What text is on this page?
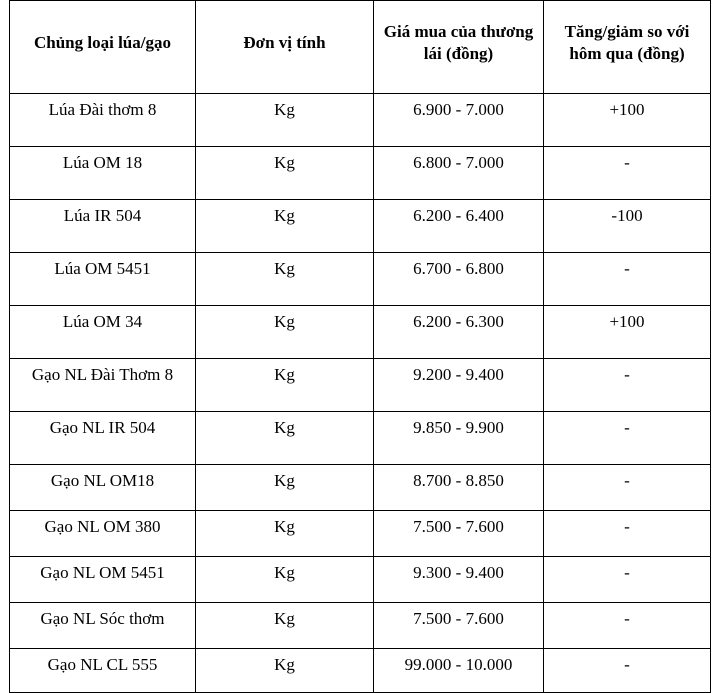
Chủng loại lúa/gạo	Đơn vị tính	Giá mua của thương lái (đồng)	Tăng/giảm so với hôm qua (đồng)
Lúa Đài thơm 8	Kg	6.900 - 7.000	+100
Lúa OM 18	Kg	6.800 - 7.000	-
Lúa IR 504	Kg	6.200 - 6.400	-100
Lúa OM 5451	Kg	6.700 - 6.800	-
Lúa OM 34	Kg	6.200 - 6.300	+100
Gạo NL Đài Thơm 8	Kg	9.200 - 9.400	-
Gạo NL IR 504	Kg	9.850 - 9.900	-
Gạo NL OM18	Kg	8.700 - 8.850	-
Gạo NL OM 380	Kg	7.500 - 7.600	-
Gạo NL OM 5451	Kg	9.300 - 9.400	-
Gạo NL Sóc thơm	Kg	7.500 - 7.600	-
Gạo NL CL 555	Kg	99.000 - 10.000	-
